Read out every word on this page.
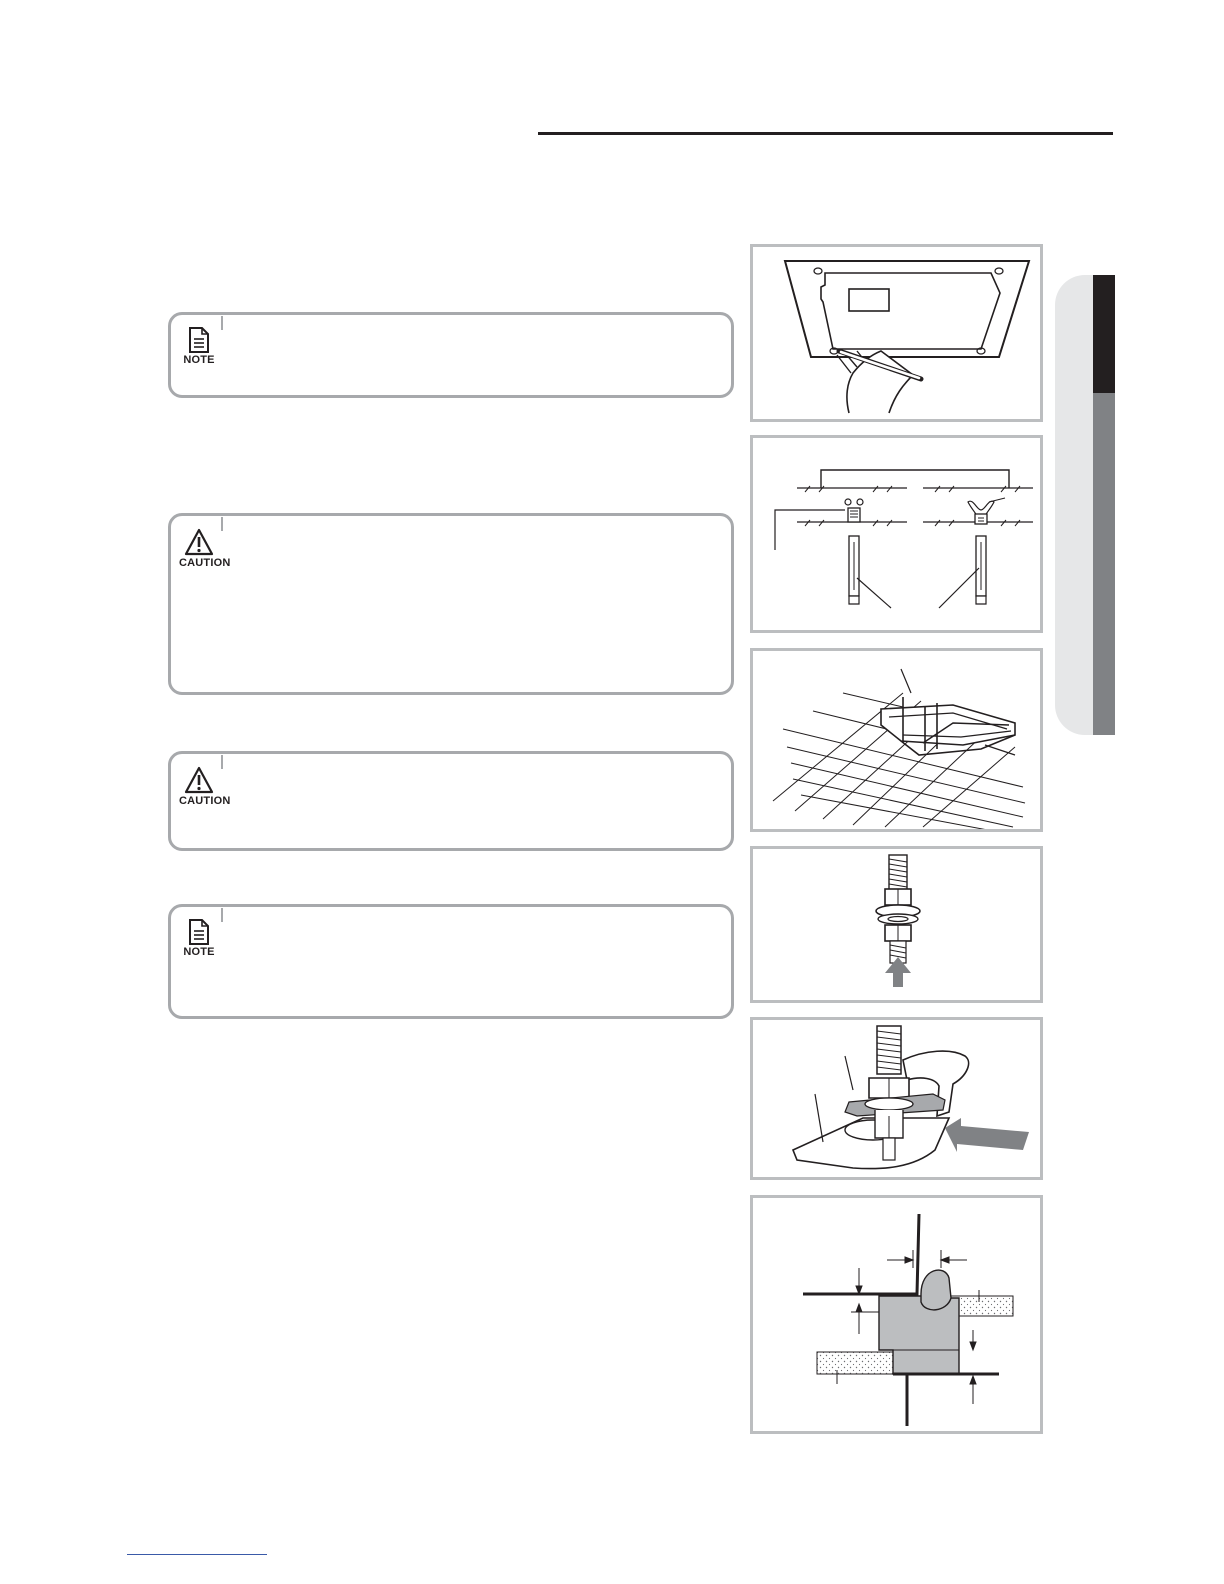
NOTE
CAUTION
CAUTION
NOTE
